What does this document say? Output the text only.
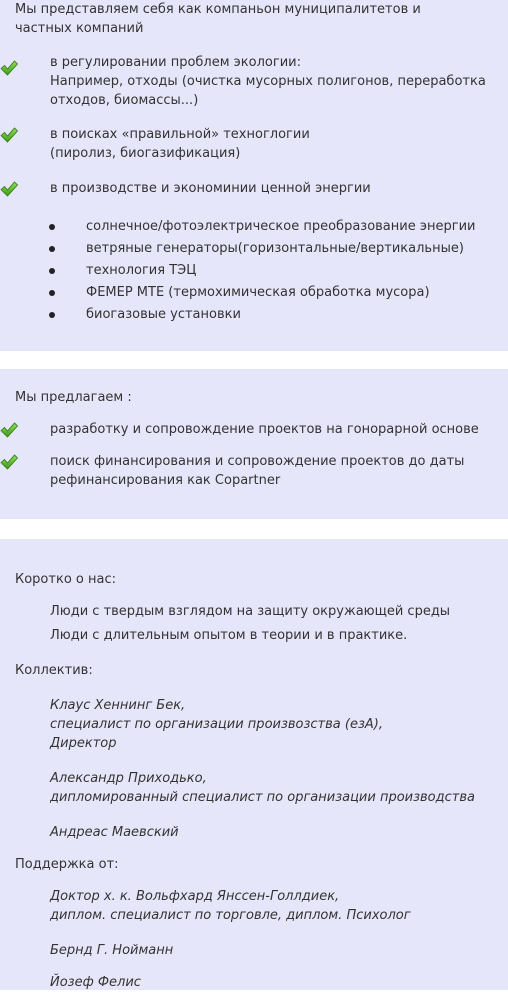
Мы представляем себя как компаньон муниципалитетов и
частных компаний
в регулировании проблем экологии:
Например, отходы (очистка мусорных полигонов, переработка
отходов, биомассы...)
в поисках «правильной» техноглогии
(пиролиз, биогазификация)
в производстве и экономинии ценной энергии
солнечное/фотоэлектрическое преобразование энергии
ветряные генераторы(горизонтальные/вертикальные)
технология ТЭЦ
ФЕМЕР МТЕ (термохимическая обработка мусора)
биогазовые установки
Мы предлагаем :
разработку и сопровождение проектов на гонорарной основе
поиск финансирования и сопровождение проектов до даты
рефинансирования как Copartner
Коротко о нас:
Люди с твердым взглядом на защиту окружающей среды
Люди с длительным опытом в теории и в практике.
Коллектив:
Клаус Хеннинг Бек,
специалист по организации произвозства (езА),
Директор
Александр Приходько,
дипломированный специалист по организации производства
Андреас Маевский
Поддержка от:
Доктор х. к. Вольфхард Янссен-Голлдиек,
диплом. специалист по торговле, диплом. Психолог
Бернд Г. Нойманн
Йозеф Фелис
